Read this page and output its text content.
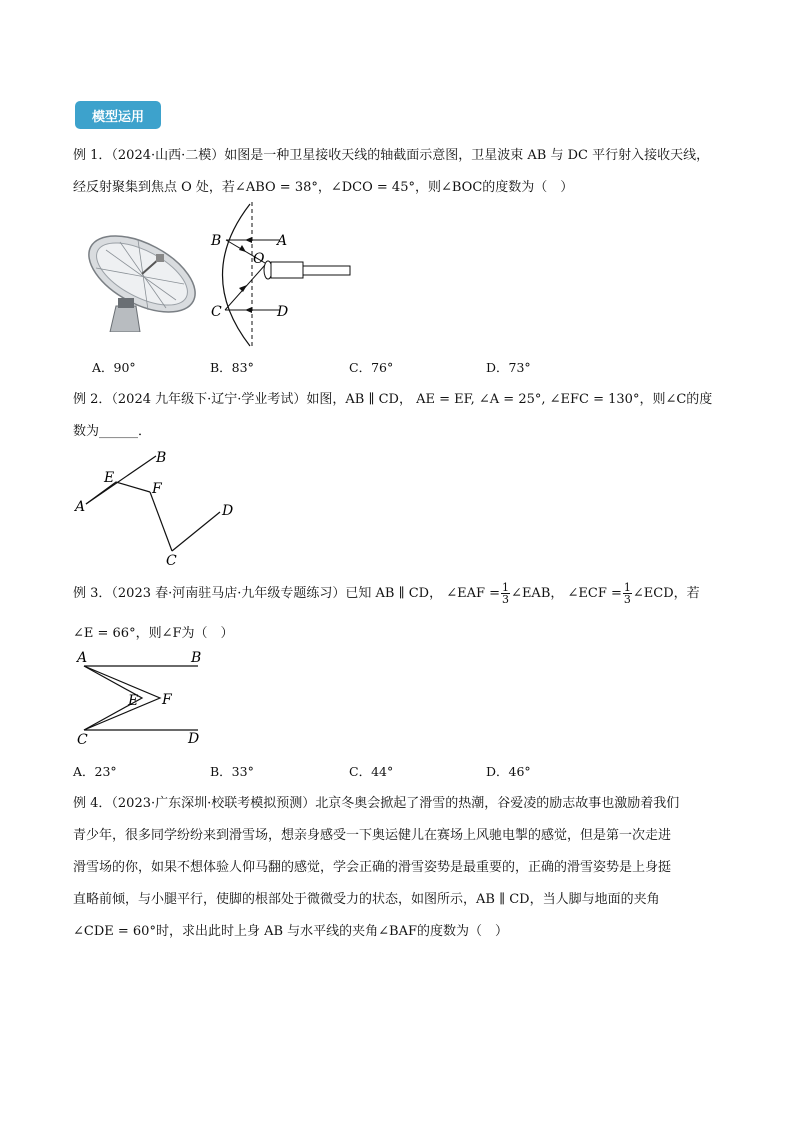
模型运用
例 1．（2024·山西·二模）如图是一种卫星接收天线的轴截面示意图，卫星波束 AB 与 DC 平行射入接收天线，
经反射聚集到焦点 O 处，若∠ABO = 38°，∠DCO = 45°，则∠BOC的度数为（　）
B	A
O
C	D
A．90°	B．83°	C．76°	D．73°
例 2．（2024 九年级下·辽宁·学业考试）如图，AB ∥ CD， AE = EF, ∠A = 25°, ∠EFC = 130°，则∠C的度
数为______．
B
E
F
A	D
C
例 3．（2023 春·河南驻马店·九年级专题练习）已知 AB ∥ CD， ∠EAF = $\frac{1}{3}$ ∠EAB， ∠ECF = $\frac{1}{3}$ ∠ECD，若
∠E = 66°，则∠F为（　）
A	B
E F
C	D
A．23°	B．33°	C．44°	D．46°
例 4．（2023·广东深圳·校联考模拟预测）北京冬奥会掀起了滑雪的热潮，谷爱凌的励志故事也激励着我们
青少年，很多同学纷纷来到滑雪场，想亲身感受一下奥运健儿在赛场上风驰电掣的感觉，但是第一次走进
滑雪场的你，如果不想体验人仰马翻的感觉，学会正确的滑雪姿势是最重要的，正确的滑雪姿势是上身挺
直略前倾，与小腿平行，使脚的根部处于微微受力的状态，如图所示，AB ∥ CD，当人脚与地面的夹角
∠CDE = 60°时，求出此时上身 AB 与水平线的夹角∠BAF的度数为（　）
